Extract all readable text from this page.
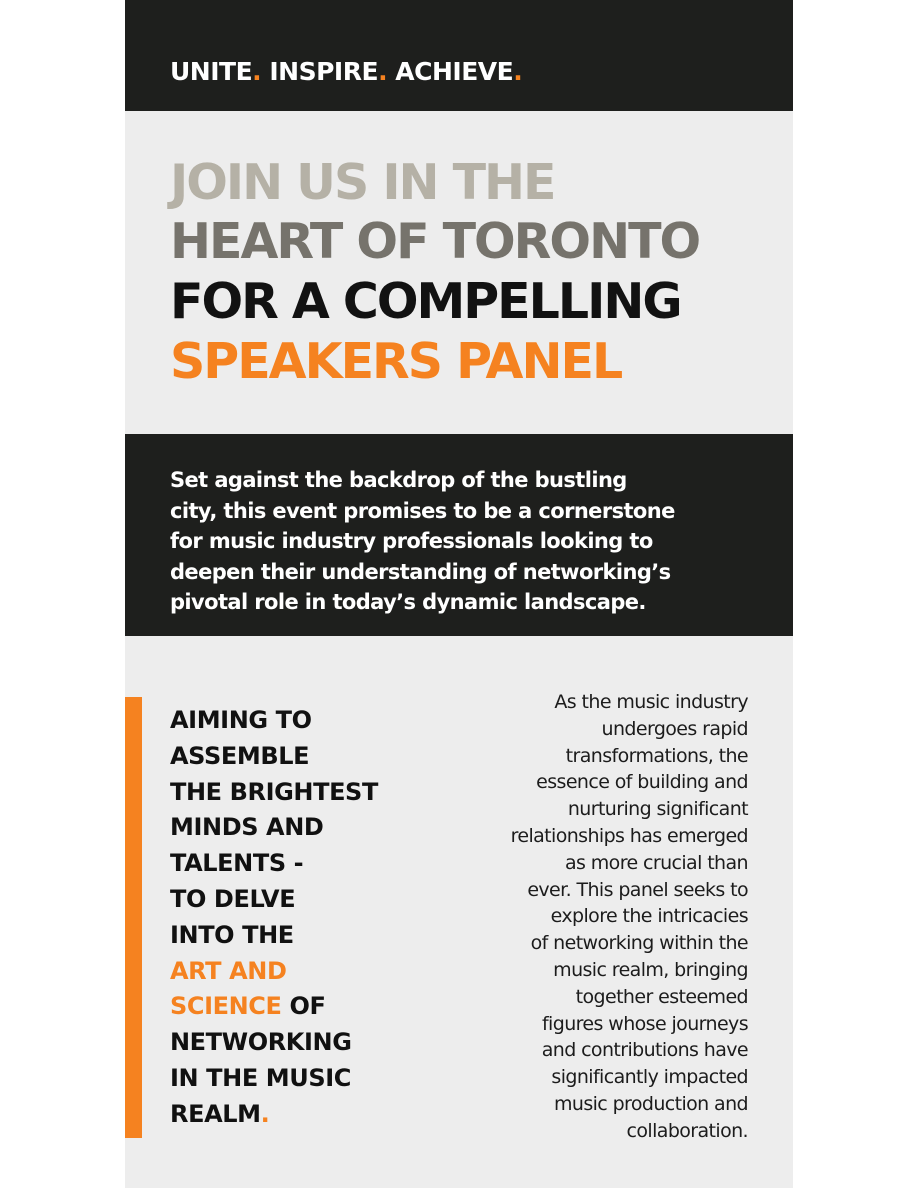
UNITE. INSPIRE. ACHIEVE.

JOIN US IN THE
HEART OF TORONTO
FOR A COMPELLING
SPEAKERS PANEL

Set against the backdrop of the bustling
city, this event promises to be a cornerstone
for music industry professionals looking to
deepen their understanding of networking’s
pivotal role in today’s dynamic landscape.

AIMING TO
ASSEMBLE
THE BRIGHTEST
MINDS AND
TALENTS -
TO DELVE
INTO THE
ART AND
SCIENCE OF
NETWORKING
IN THE MUSIC
REALM.

As the music industry
undergoes rapid
transformations, the
essence of building and
nurturing significant
relationships has emerged
as more crucial than
ever. This panel seeks to
explore the intricacies
of networking within the
music realm, bringing
together esteemed
figures whose journeys
and contributions have
significantly impacted
music production and
collaboration.
